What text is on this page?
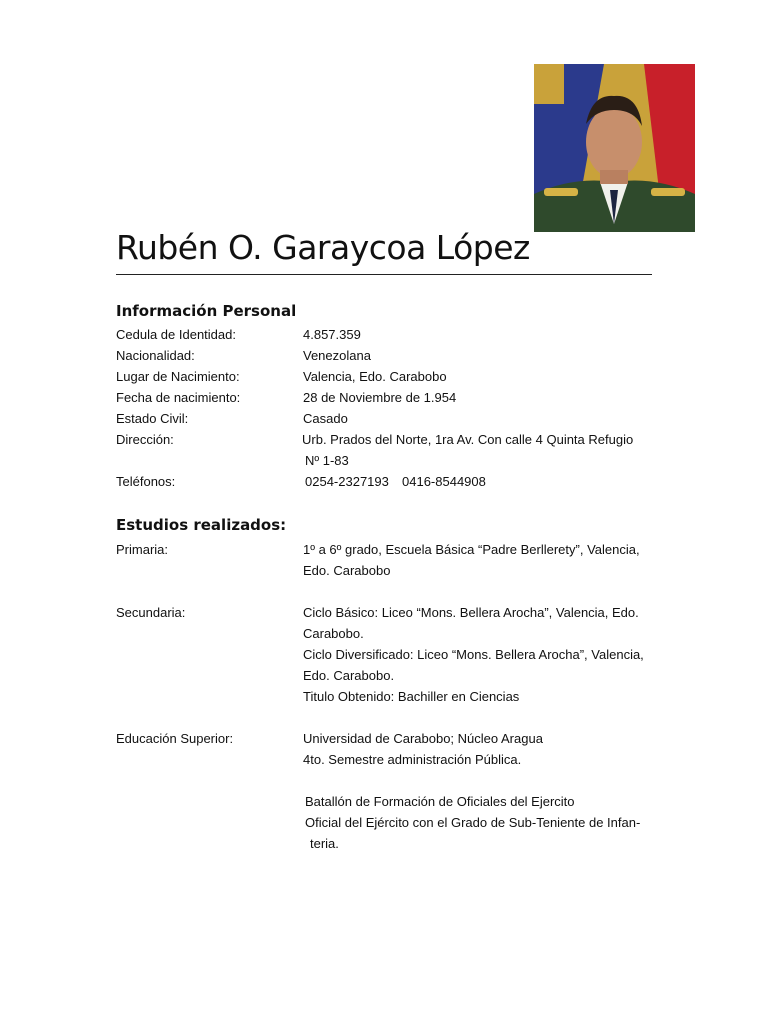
Rubén O. Garaycoa López
Información Personal
Cedula de Identidad:	4.857.359
Nacionalidad:	Venezolana
Lugar de Nacimiento:	Valencia, Edo. Carabobo
Fecha de nacimiento:	28 de Noviembre de 1.954
Estado Civil:	Casado
Dirección:	Urb. Prados del Norte, 1ra Av. Con calle 4 Quinta Refugio
Nº 1-83
Teléfonos:	0254-2327193 0416-8544908
Estudios realizados:
Primaria:	1º a 6º grado, Escuela Básica “Padre Berllerety”, Valencia,
Edo. Carabobo
Secundaria:	Ciclo Básico: Liceo “Mons. Bellera Arocha”, Valencia, Edo.
Carabobo.
Ciclo Diversificado: Liceo “Mons. Bellera Arocha”, Valencia,
Edo. Carabobo.
Titulo Obtenido: Bachiller en Ciencias
Educación Superior:	Universidad de Carabobo; Núcleo Aragua
4to. Semestre administración Pública.
Batallón de Formación de Oficiales del Ejercito
Oficial del Ejército con el Grado de Sub-Teniente de Infan-
teria.
